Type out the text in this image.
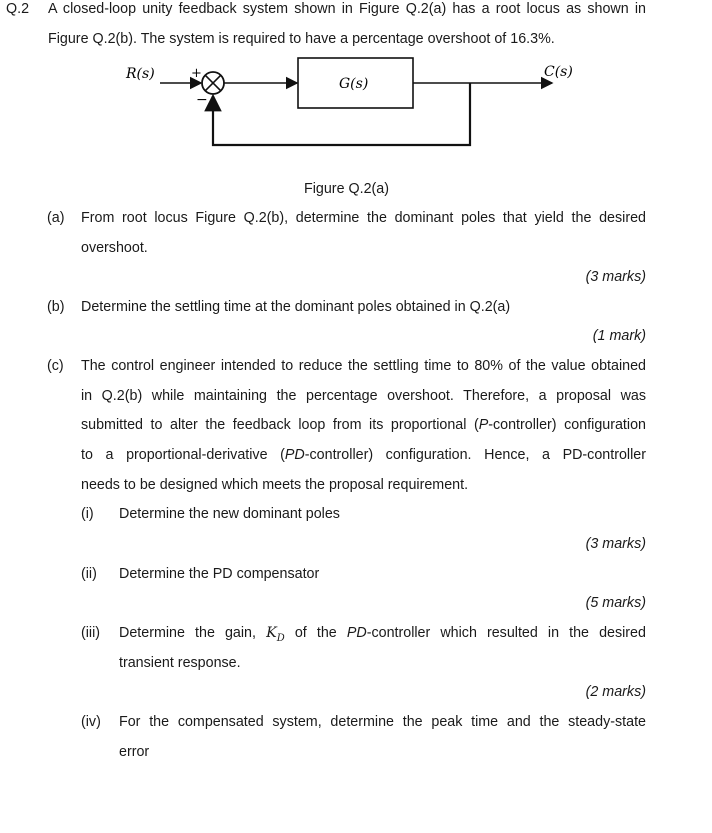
Q.2 A closed-loop unity feedback system shown in Figure Q.2(a) has a root locus as shown in
Figure Q.2(b). The system is required to have a percentage overshoot of 16.3%.
R(s)	+
−
G(s)
C(s)
Figure Q.2(a)
(a) From root locus Figure Q.2(b), determine the dominant poles that yield the desired
overshoot.
(3 marks)
(b) Determine the settling time at the dominant poles obtained in Q.2(a)
(1 mark)
(c) The control engineer intended to reduce the settling time to 80% of the value obtained
in Q.2(b) while maintaining the percentage overshoot. Therefore, a proposal was
submitted to alter the feedback loop from its proportional (P-controller) configuration
to a proportional-derivative (PD-controller) configuration. Hence, a PD-controller
needs to be designed which meets the proposal requirement.
(i) Determine the new dominant poles
(3 marks)
(ii) Determine the PD compensator
(5 marks)
(iii) Determine the gain, $K_D$ of the PD-controller which resulted in the desired
transient response.
(2 marks)
(iv) For the compensated system, determine the peak time and the steady-state
error
